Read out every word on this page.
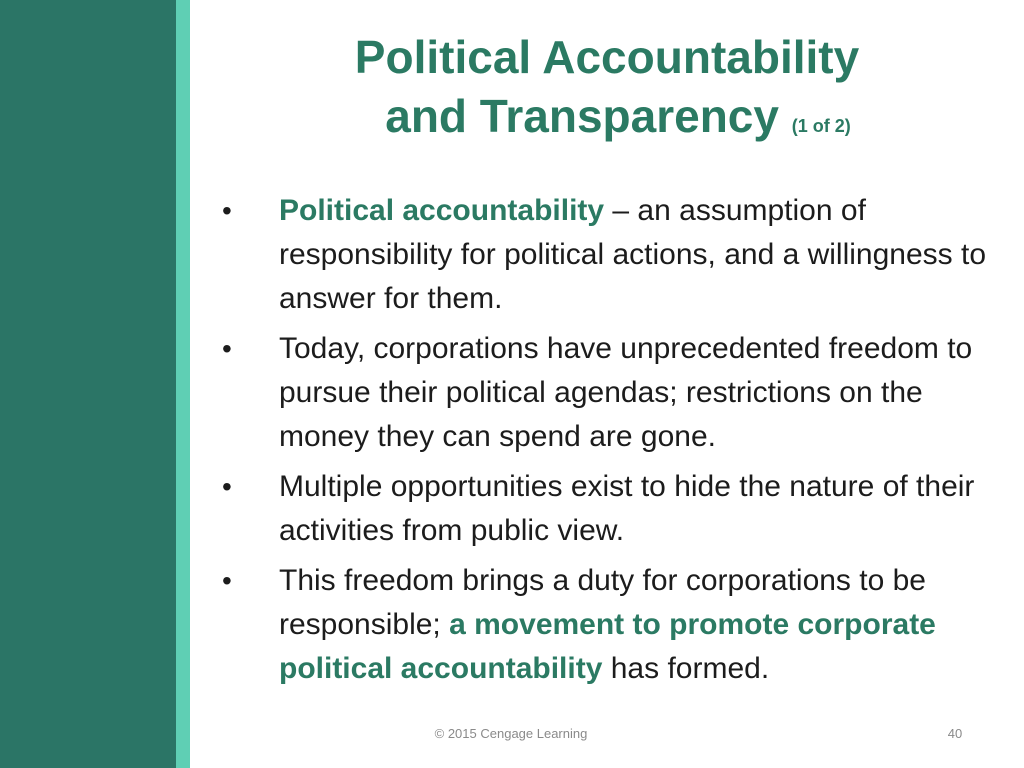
Political Accountability
and Transparency (1 of 2)
• Political accountability – an assumption of responsibility for political actions, and a willingness to answer for them.
• Today, corporations have unprecedented freedom to pursue their political agendas; restrictions on the money they can spend are gone.
• Multiple opportunities exist to hide the nature of their activities from public view.
• This freedom brings a duty for corporations to be responsible; a movement to promote corporate political accountability has formed.
© 2015 Cengage Learning	40
